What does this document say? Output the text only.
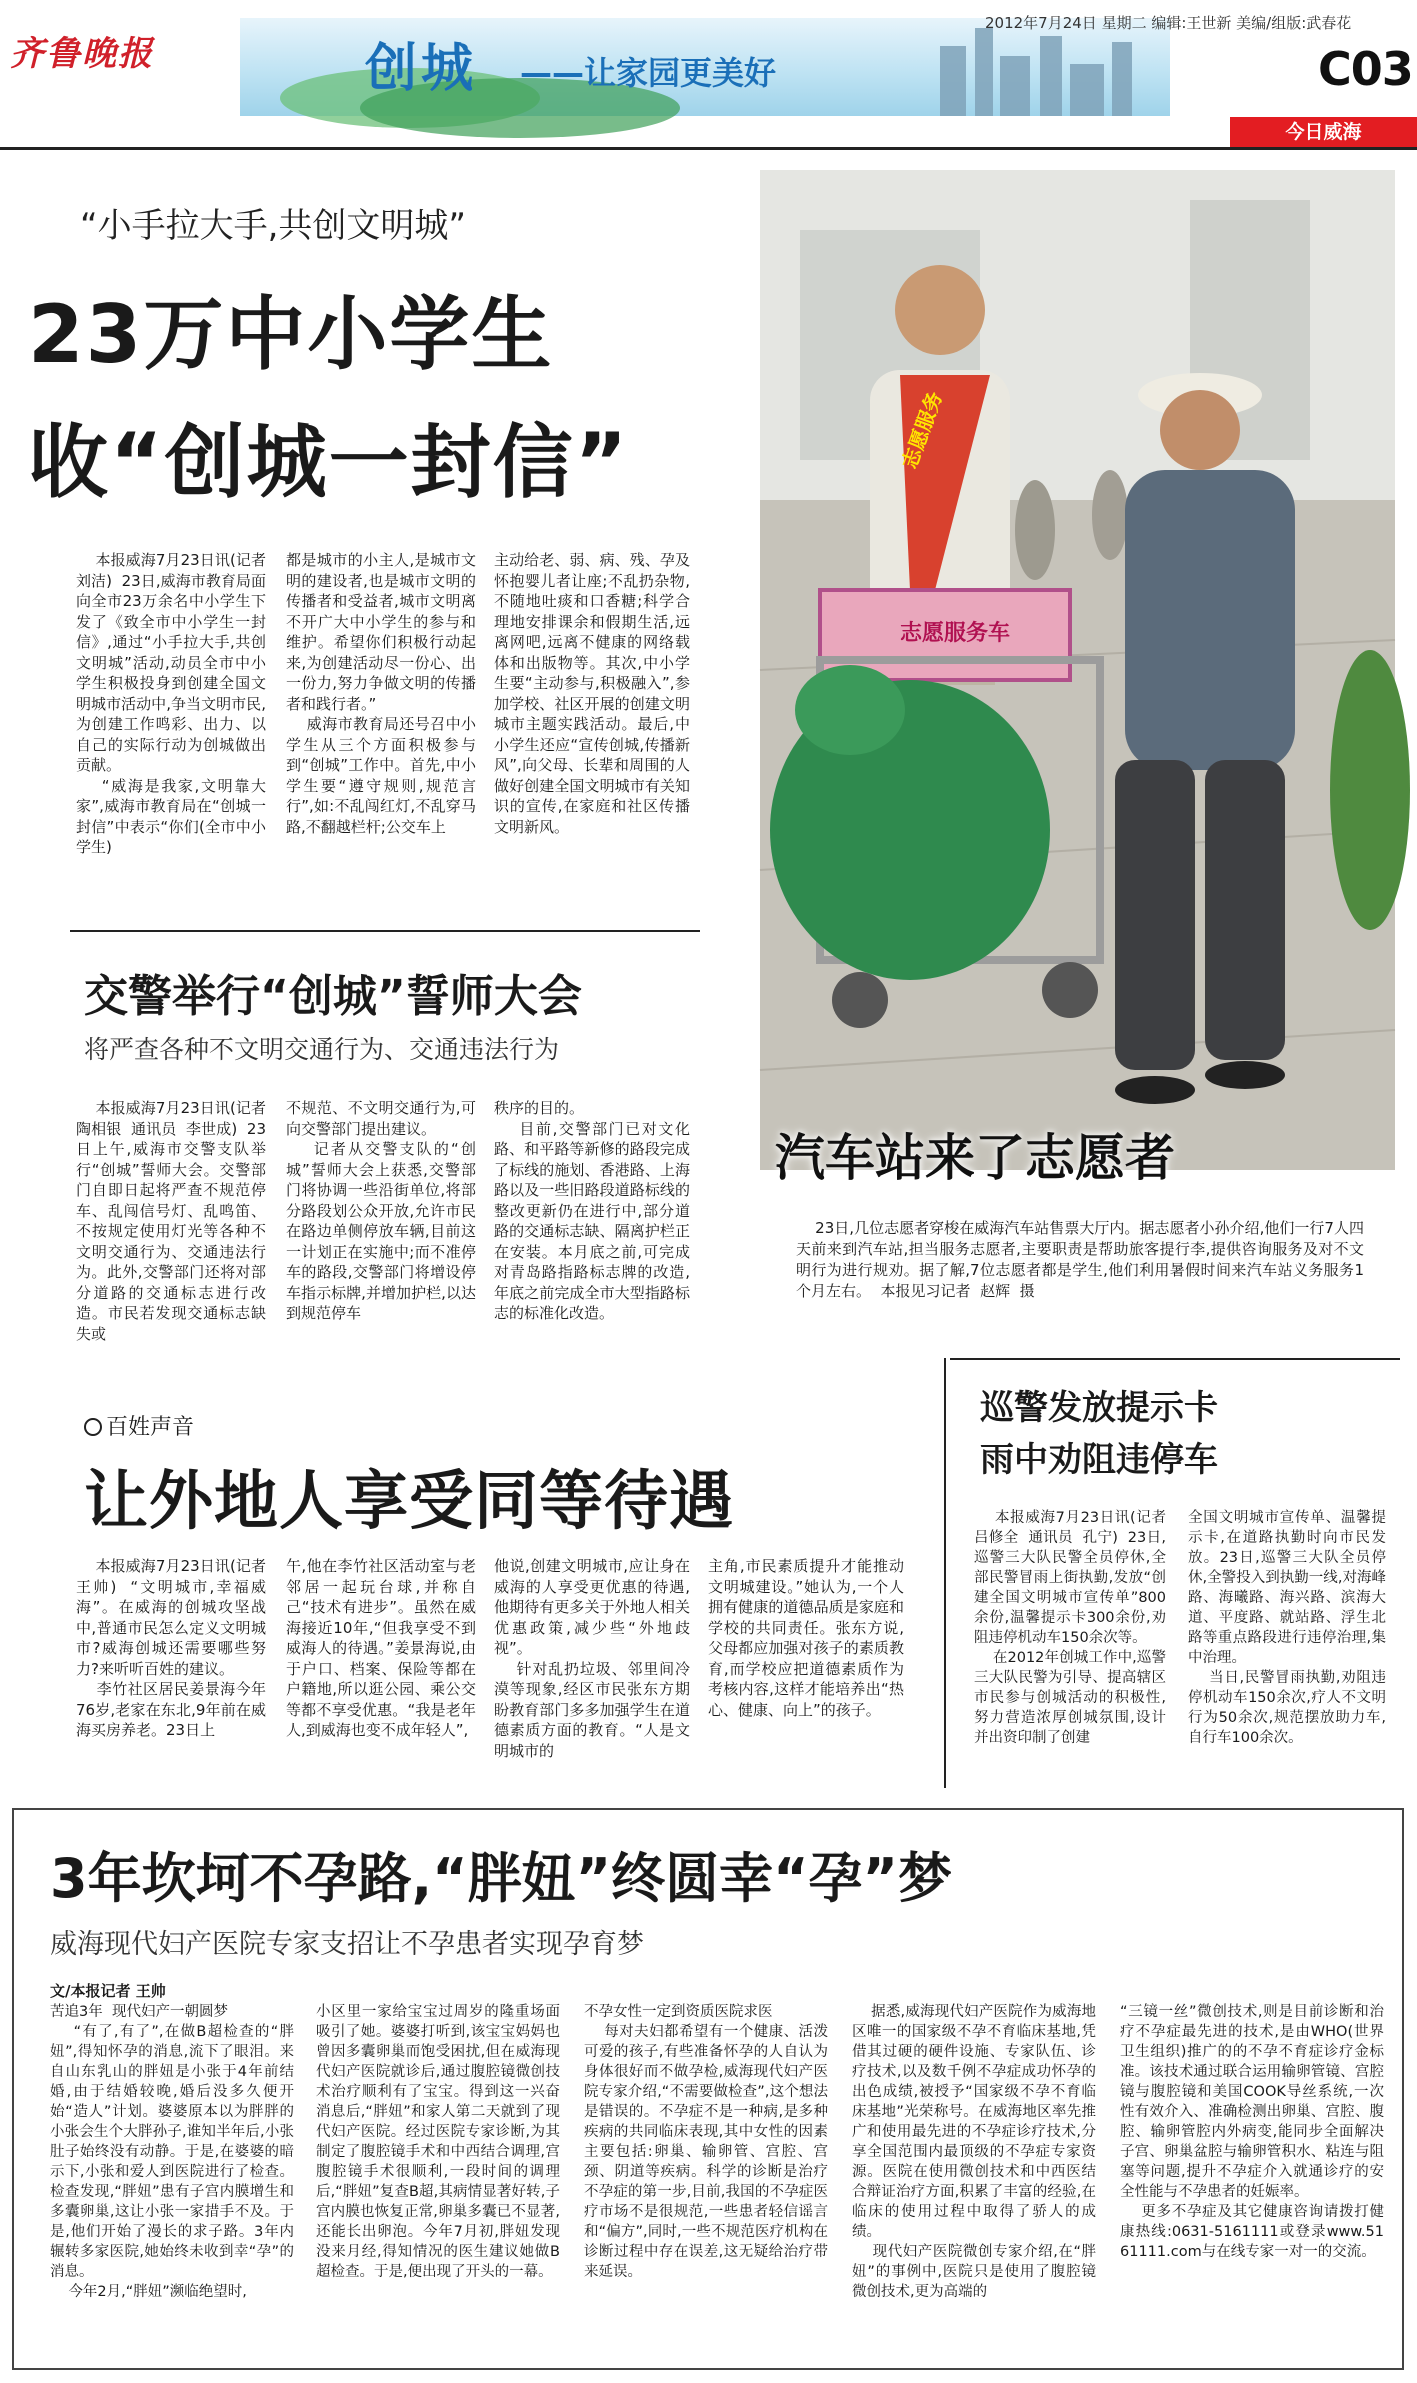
齐鲁晚报	创城 ——让家园更美好
2012年7月24日 星期二 编辑:王世新 美编/组版:武春花
C03
今日威海
“小手拉大手,共创文明城”
23万中小学生
收“创城一封信”
本报威海7月23日讯(记者  刘洁)  23日,威海市教育局面向全市23万余名中小学生下发了《致全市中小学生一封信》,通过“小手拉大手,共创文明城”活动,动员全市中小学生积极投身到创建全国文明城市活动中,争当文明市民,为创建工作鸣彩、出力、以自己的实际行动为创城做出贡献。
“威海是我家,文明靠大家”,威海市教育局在“创城一封信”中表示“你们(全市中小学生)
都是城市的小主人,是城市文明的建设者,也是城市文明的传播者和受益者,城市文明离不开广大中小学生的参与和维护。希望你们积极行动起来,为创建活动尽一份心、出一份力,努力争做文明的传播者和践行者。”
威海市教育局还号召中小学生从三个方面积极参与到“创城”工作中。首先,中小学生要“遵守规则,规范言行”,如:不乱闯红灯,不乱穿马路,不翻越栏杆;公交车上
主动给老、弱、病、残、孕及怀抱婴儿者让座;不乱扔杂物,不随地吐痰和口香糖;科学合理地安排课余和假期生活,远离网吧,远离不健康的网络载体和出版物等。其次,中小学生要“主动参与,积极融入”,参加学校、社区开展的创建文明城市主题实践活动。最后,中小学生还应“宣传创城,传播新风”,向父母、长辈和周围的人做好创建全国文明城市有关知识的宣传,在家庭和社区传播文明新风。
交警举行“创城”誓师大会
将严查各种不文明交通行为、交通违法行为
本报威海7月23日讯(记者  陶相银  通讯员  李世成)  23日上午,威海市交警支队举行“创城”誓师大会。交警部门自即日起将严查不规范停车、乱闯信号灯、乱鸣笛、不按规定使用灯光等各种不文明交通行为、交通违法行为。此外,交警部门还将对部分道路的交通标志进行改造。市民若发现交通标志缺失或
不规范、不文明交通行为,可向交警部门提出建议。
记者从交警支队的“创城”誓师大会上获悉,交警部门将协调一些沿街单位,将部分路段划公众开放,允许市民在路边单侧停放车辆,目前这一计划正在实施中;而不准停车的路段,交警部门将增设停车指示标牌,并增加护栏,以达到规范停车
秩序的目的。
目前,交警部门已对文化路、和平路等新修的路段完成了标线的施划、香港路、上海路以及一些旧路段道路标线的整改更新仍在进行中,部分道路的交通标志缺、隔离护栏正在安装。本月底之前,可完成对青岛路指路标志牌的改造,年底之前完成全市大型指路标志的标准化改造。
志愿服务
志愿服务车
汽车站来了志愿者
23日,几位志愿者穿梭在威海汽车站售票大厅内。据志愿者小孙介绍,他们一行7人四天前来到汽车站,担当服务志愿者,主要职责是帮助旅客提行李,提供咨询服务及对不文明行为进行规劝。据了解,7位志愿者都是学生,他们利用暑假时间来汽车站义务服务1个月左右。  本报见习记者  赵辉  摄
巡警发放提示卡
雨中劝阻违停车
本报威海7月23日讯(记者  吕修全  通讯员  孔宁)  23日,巡警三大队民警全员停休,全部民警冒雨上街执勤,发放“创建全国文明城市宣传单”800余份,温馨提示卡300余份,劝阻违停机动车150余次等。
在2012年创城工作中,巡警三大队民警为引导、提高辖区市民参与创城活动的积极性,努力营造浓厚创城氛围,设计并出资印制了创建
全国文明城市宣传单、温馨提示卡,在道路执勤时向市民发放。23日,巡警三大队全员停休,全警投入到执勤一线,对海峰路、海曦路、海兴路、滨海大道、平度路、就站路、浮生北路等重点路段进行违停治理,集中治理。
当日,民警冒雨执勤,劝阻违停机动车150余次,疗人不文明行为50余次,规范摆放助力车,自行车100余次。
百姓声音
让外地人享受同等待遇
本报威海7月23日讯(记者  王帅)  “文明城市,幸福威海”。在威海的创城攻坚战中,普通市民怎么定义文明城市?威海创城还需要哪些努力?来听听百姓的建议。
李竹社区居民姜景海今年76岁,老家在东北,9年前在威海买房养老。23日上
午,他在李竹社区活动室与老邻居一起玩台球,并称自己“技术有进步”。虽然在威海接近10年,“但我享受不到威海人的待遇。”姜景海说,由于户口、档案、保险等都在户籍地,所以逛公园、乘公交等都不享受优惠。“我是老年人,到威海也变不成年轻人”,
他说,创建文明城市,应让身在威海的人享受更优惠的待遇,他期待有更多关于外地人相关优惠政策,减少些“外地歧视”。
针对乱扔垃圾、邻里间冷漠等现象,经区市民张东方期盼教育部门多多加强学生在道德素质方面的教育。“人是文明城市的
主角,市民素质提升才能推动文明城建设。”她认为,一个人拥有健康的道德品质是家庭和学校的共同责任。张东方说,父母都应加强对孩子的素质教育,而学校应把道德素质作为考核内容,这样才能培养出“热心、健康、向上”的孩子。
3年坎坷不孕路,“胖妞”终圆幸“孕”梦
威海现代妇产医院专家支招让不孕患者实现孕育梦
文/本报记者 王帅
苦追3年  现代妇产一朝圆梦
“有了,有了”,在做B超检查的“胖妞”,得知怀孕的消息,流下了眼泪。来自山东乳山的胖妞是小张于4年前结婚,由于结婚较晚,婚后没多久便开始“造人”计划。婆婆原本以为胖胖的小张会生个大胖孙子,谁知半年后,小张肚子始终没有动静。于是,在婆婆的暗示下,小张和爱人到医院进行了检查。检查发现,“胖妞”患有子宫内膜增生和多囊卵巢,这让小张一家措手不及。于是,他们开始了漫长的求子路。3年内辗转多家医院,她始终未收到幸“孕”的消息。
今年2月,“胖妞”濒临绝望时,
小区里一家给宝宝过周岁的隆重场面吸引了她。婆婆打听到,该宝宝妈妈也曾因多囊卵巢而饱受困扰,但在威海现代妇产医院就诊后,通过腹腔镜微创技术治疗顺利有了宝宝。得到这一兴奋消息后,“胖妞”和家人第二天就到了现代妇产医院。经过医院专家诊断,为其制定了腹腔镜手术和中西结合调理,宫腹腔镜手术很顺利,一段时间的调理后,“胖妞”复查B超,其病情显著好转,子宫内膜也恢复正常,卵巢多囊已不显著,还能长出卵泡。今年7月初,胖妞发现没来月经,得知情况的医生建议她做B超检查。于是,便出现了开头的一幕。
不孕女性一定到资质医院求医
每对夫妇都希望有一个健康、活泼可爱的孩子,有些准备怀孕的人自认为身体很好而不做孕检,威海现代妇产医院专家介绍,“不需要做检查”,这个想法是错误的。不孕症不是一种病,是多种疾病的共同临床表现,其中女性的因素主要包括:卵巢、输卵管、宫腔、宫颈、阴道等疾病。科学的诊断是治疗不孕症的第一步,目前,我国的不孕症医疗市场不是很规范,一些患者轻信谣言和“偏方”,同时,一些不规范医疗机构在诊断过程中存在误差,这无疑给治疗带来延误。
据悉,威海现代妇产医院作为威海地区唯一的国家级不孕不育临床基地,凭借其过硬的硬件设施、专家队伍、诊疗技术,以及数千例不孕症成功怀孕的出色成绩,被授予“国家级不孕不育临床基地”光荣称号。在威海地区率先推广和使用最先进的不孕症诊疗技术,分享全国范围内最顶级的不孕症专家资源。医院在使用微创技术和中西医结合辩证治疗方面,积累了丰富的经验,在临床的使用过程中取得了骄人的成绩。
现代妇产医院微创专家介绍,在“胖妞”的事例中,医院只是使用了腹腔镜微创技术,更为高端的
“三镜一丝”微创技术,则是目前诊断和治疗不孕症最先进的技术,是由WHO(世界卫生组织)推广的的不孕不育症诊疗金标准。该技术通过联合运用输卵管镜、宫腔镜与腹腔镜和美国COOK导丝系统,一次性有效介入、准确检测出卵巢、宫腔、腹腔、输卵管腔内外病变,能同步全面解决子宫、卵巢盆腔与输卵管积水、粘连与阻塞等问题,提升不孕症介入就通诊疗的安全性能与不孕患者的妊娠率。
更多不孕症及其它健康咨询请拨打健康热线:0631-5161111或登录www.5161111.com与在线专家一对一的交流。
